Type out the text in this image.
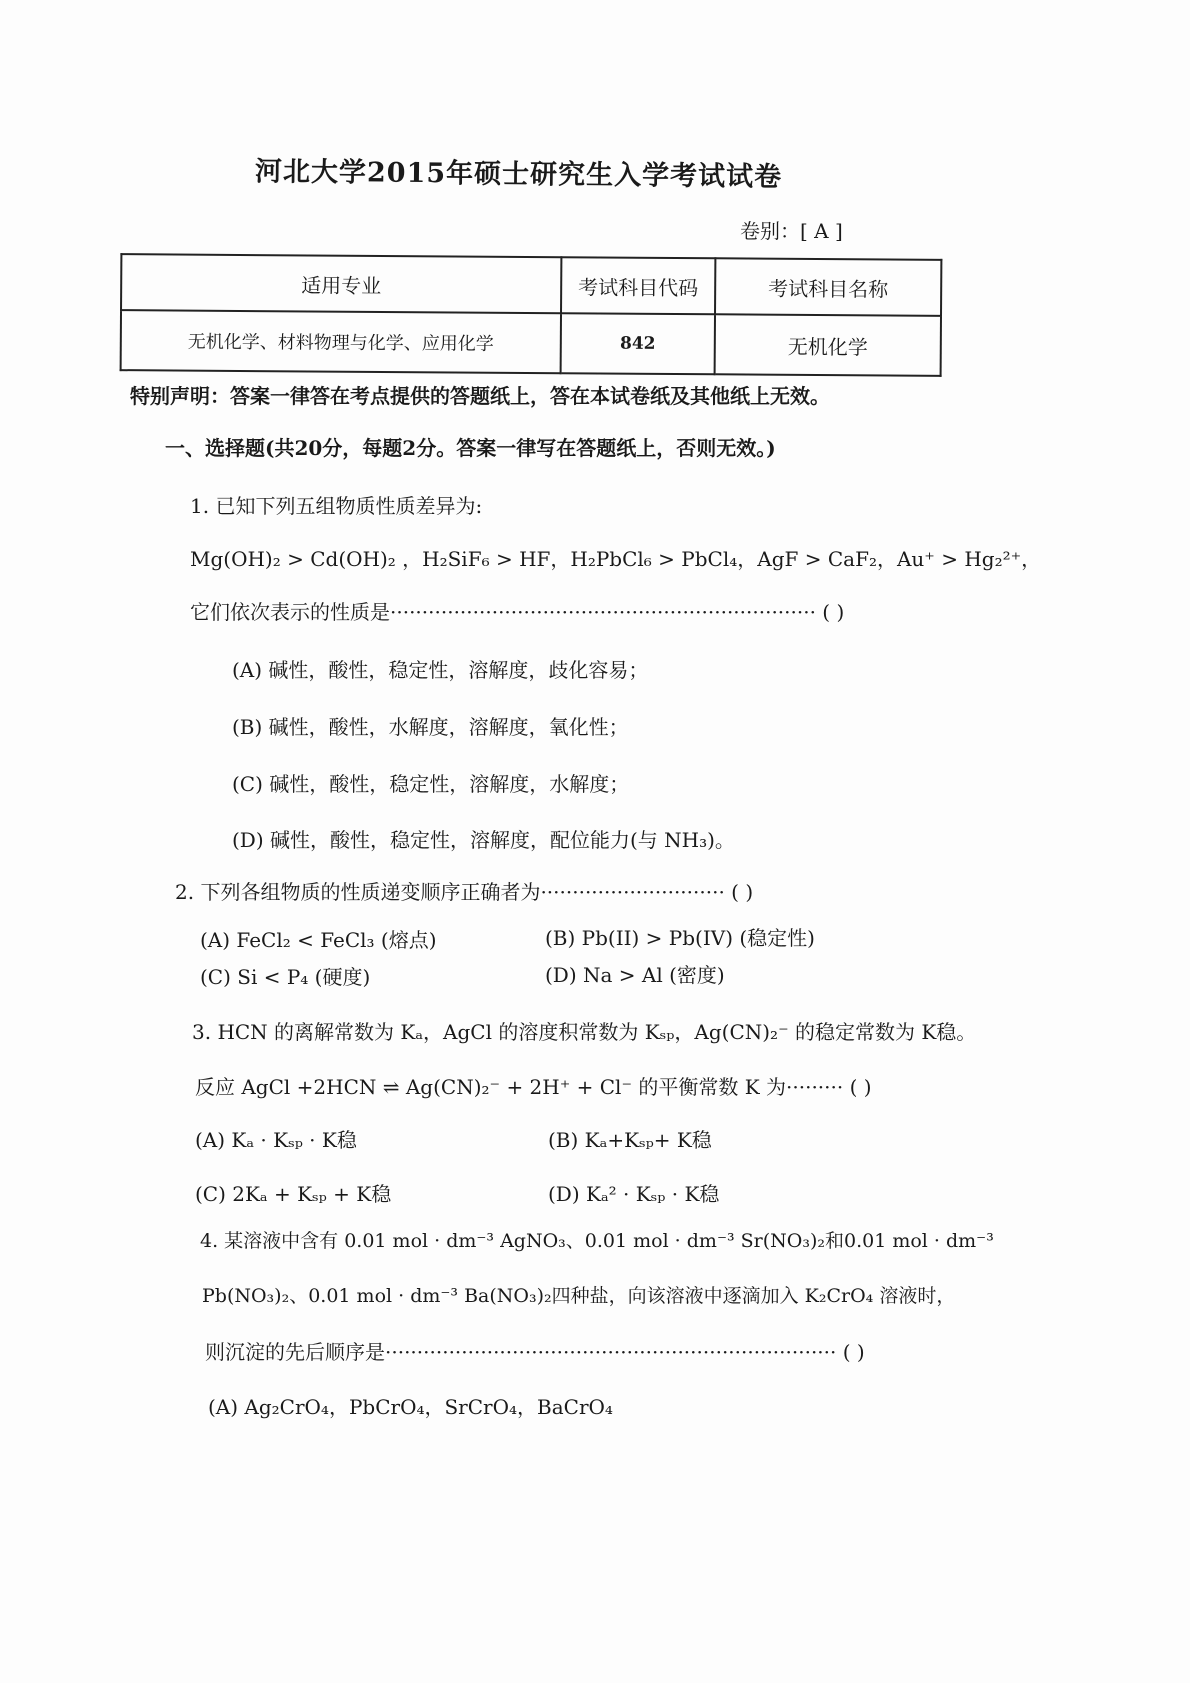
河北大学2015年硕士研究生入学考试试卷
卷别：[ A ]
适用专业	考试科目代码	考试科目名称
无机化学、材料物理与化学、应用化学	842	无机化学
特别声明：答案一律答在考点提供的答题纸上，答在本试卷纸及其他纸上无效。
一、选择题(共20分，每题2分。答案一律写在答题纸上，否则无效。)
1. 已知下列五组物质性质差异为:
Mg(OH)₂ > Cd(OH)₂ ，H₂SiF₆ > HF，H₂PbCl₆ > PbCl₄，AgF > CaF₂，Au⁺ > Hg₂²⁺，
它们依次表示的性质是··································································· ( )
(A) 碱性，酸性，稳定性，溶解度，歧化容易；
(B) 碱性，酸性，水解度，溶解度，氧化性；
(C) 碱性，酸性，稳定性，溶解度，水解度；
(D) 碱性，酸性，稳定性，溶解度，配位能力(与 NH₃)。
2. 下列各组物质的性质递变顺序正确者为····························· ( )
(A) FeCl₂ < FeCl₃ (熔点)	(B) Pb(II) > Pb(IV) (稳定性)
(C) Si < P₄ (硬度)	(D) Na > Al (密度)
3. HCN 的离解常数为 Kₐ，AgCl 的溶度积常数为 Kₛₚ，Ag(CN)₂⁻ 的稳定常数为 K稳。
反应 AgCl +2HCN ⇌ Ag(CN)₂⁻ + 2H⁺ + Cl⁻ 的平衡常数 K 为········· ( )
(A) Kₐ · Kₛₚ · K稳	(B) Kₐ+Kₛₚ+ K稳
(C) 2Kₐ + Kₛₚ + K稳	(D) Kₐ² · Kₛₚ · K稳
4. 某溶液中含有 0.01 mol · dm⁻³ AgNO₃、0.01 mol · dm⁻³ Sr(NO₃)₂和0.01 mol · dm⁻³
Pb(NO₃)₂、0.01 mol · dm⁻³ Ba(NO₃)₂四种盐，向该溶液中逐滴加入 K₂CrO₄ 溶液时，
则沉淀的先后顺序是······································································· ( )
(A) Ag₂CrO₄，PbCrO₄，SrCrO₄，BaCrO₄
